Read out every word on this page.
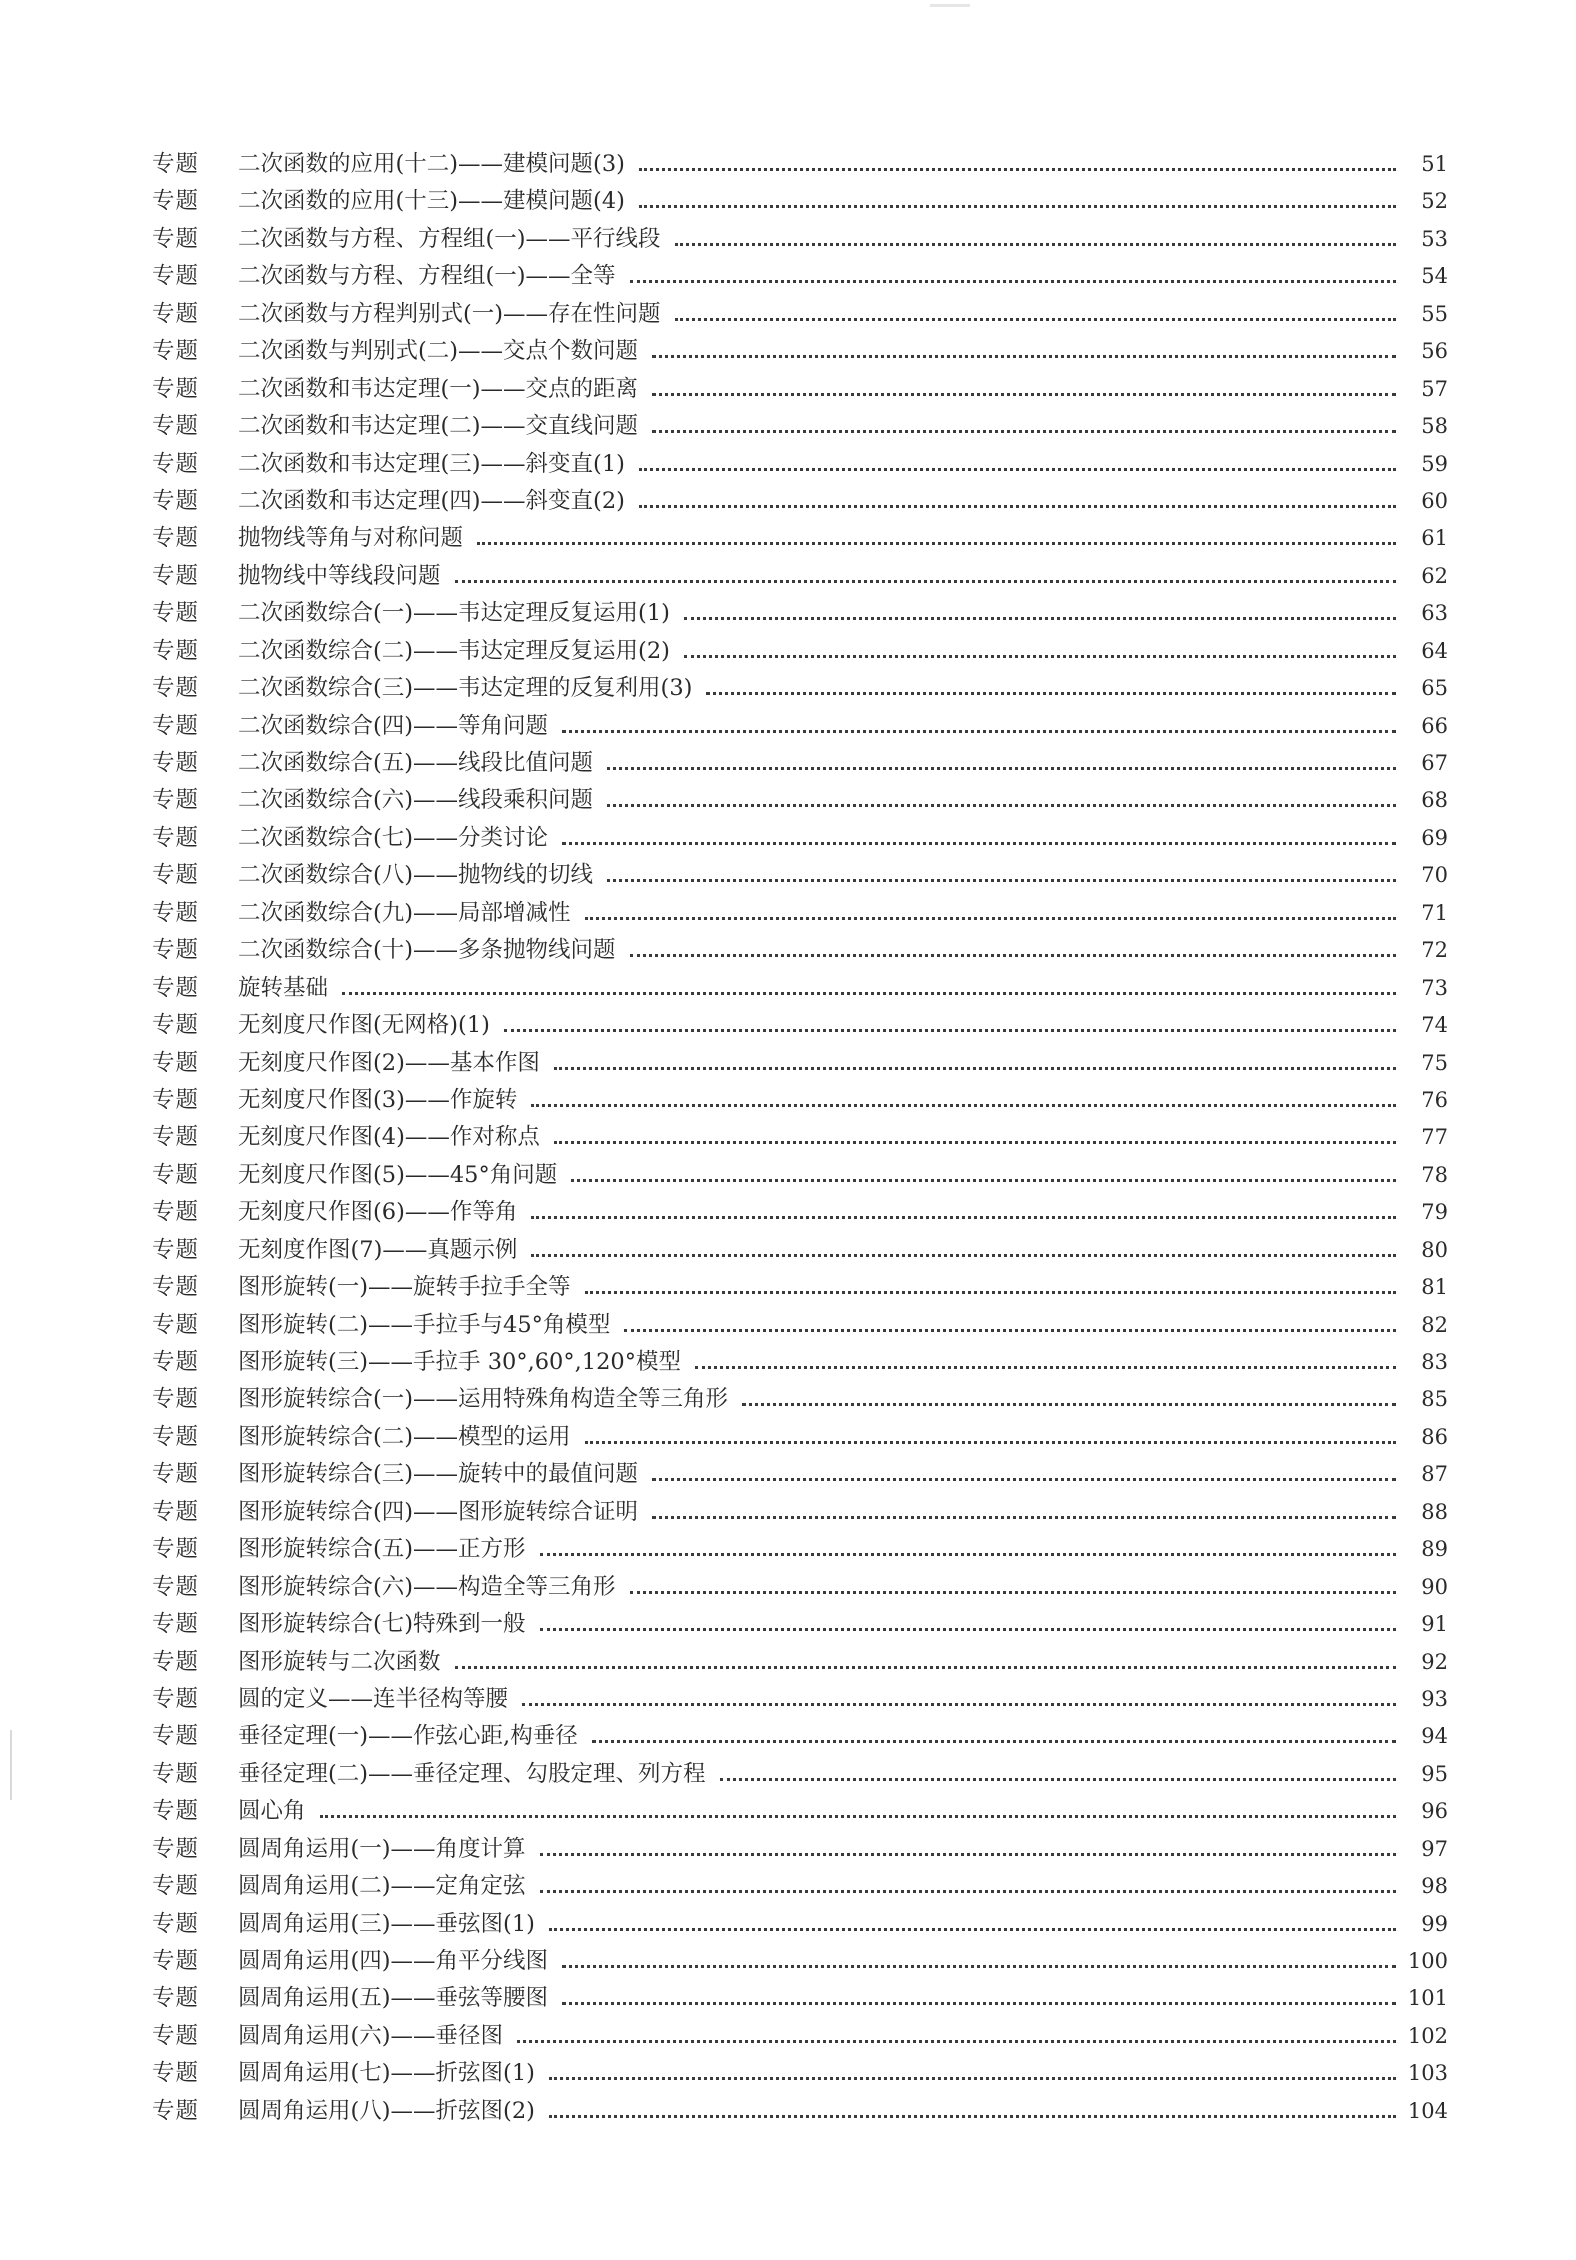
专题	二次函数的应用(十二)——建模问题(3)	51
专题	二次函数的应用(十三)——建模问题(4)	52
专题	二次函数与方程、方程组(一)——平行线段	53
专题	二次函数与方程、方程组(一)——全等	54
专题	二次函数与方程判别式(一)——存在性问题	55
专题	二次函数与判别式(二)——交点个数问题	56
专题	二次函数和韦达定理(一)——交点的距离	57
专题	二次函数和韦达定理(二)——交直线问题	58
专题	二次函数和韦达定理(三)——斜变直(1)	59
专题	二次函数和韦达定理(四)——斜变直(2)	60
专题	抛物线等角与对称问题	61
专题	抛物线中等线段问题	62
专题	二次函数综合(一)——韦达定理反复运用(1)	63
专题	二次函数综合(二)——韦达定理反复运用(2)	64
专题	二次函数综合(三)——韦达定理的反复利用(3)	65
专题	二次函数综合(四)——等角问题	66
专题	二次函数综合(五)——线段比值问题	67
专题	二次函数综合(六)——线段乘积问题	68
专题	二次函数综合(七)——分类讨论	69
专题	二次函数综合(八)——抛物线的切线	70
专题	二次函数综合(九)——局部增减性	71
专题	二次函数综合(十)——多条抛物线问题	72
专题	旋转基础	73
专题	无刻度尺作图(无网格)(1)	74
专题	无刻度尺作图(2)——基本作图	75
专题	无刻度尺作图(3)——作旋转	76
专题	无刻度尺作图(4)——作对称点	77
专题	无刻度尺作图(5)——45°角问题	78
专题	无刻度尺作图(6)——作等角	79
专题	无刻度作图(7)——真题示例	80
专题	图形旋转(一)——旋转手拉手全等	81
专题	图形旋转(二)——手拉手与45°角模型	82
专题	图形旋转(三)——手拉手 30°,60°,120°模型	83
专题	图形旋转综合(一)——运用特殊角构造全等三角形	85
专题	图形旋转综合(二)——模型的运用	86
专题	图形旋转综合(三)——旋转中的最值问题	87
专题	图形旋转综合(四)——图形旋转综合证明	88
专题	图形旋转综合(五)——正方形	89
专题	图形旋转综合(六)——构造全等三角形	90
专题	图形旋转综合(七)特殊到一般	91
专题	图形旋转与二次函数	92
专题	圆的定义——连半径构等腰	93
专题	垂径定理(一)——作弦心距,构垂径	94
专题	垂径定理(二)——垂径定理、勾股定理、列方程	95
专题	圆心角	96
专题	圆周角运用(一)——角度计算	97
专题	圆周角运用(二)——定角定弦	98
专题	圆周角运用(三)——垂弦图(1)	99
专题	圆周角运用(四)——角平分线图	100
专题	圆周角运用(五)——垂弦等腰图	101
专题	圆周角运用(六)——垂径图	102
专题	圆周角运用(七)——折弦图(1)	103
专题	圆周角运用(八)——折弦图(2)	104
